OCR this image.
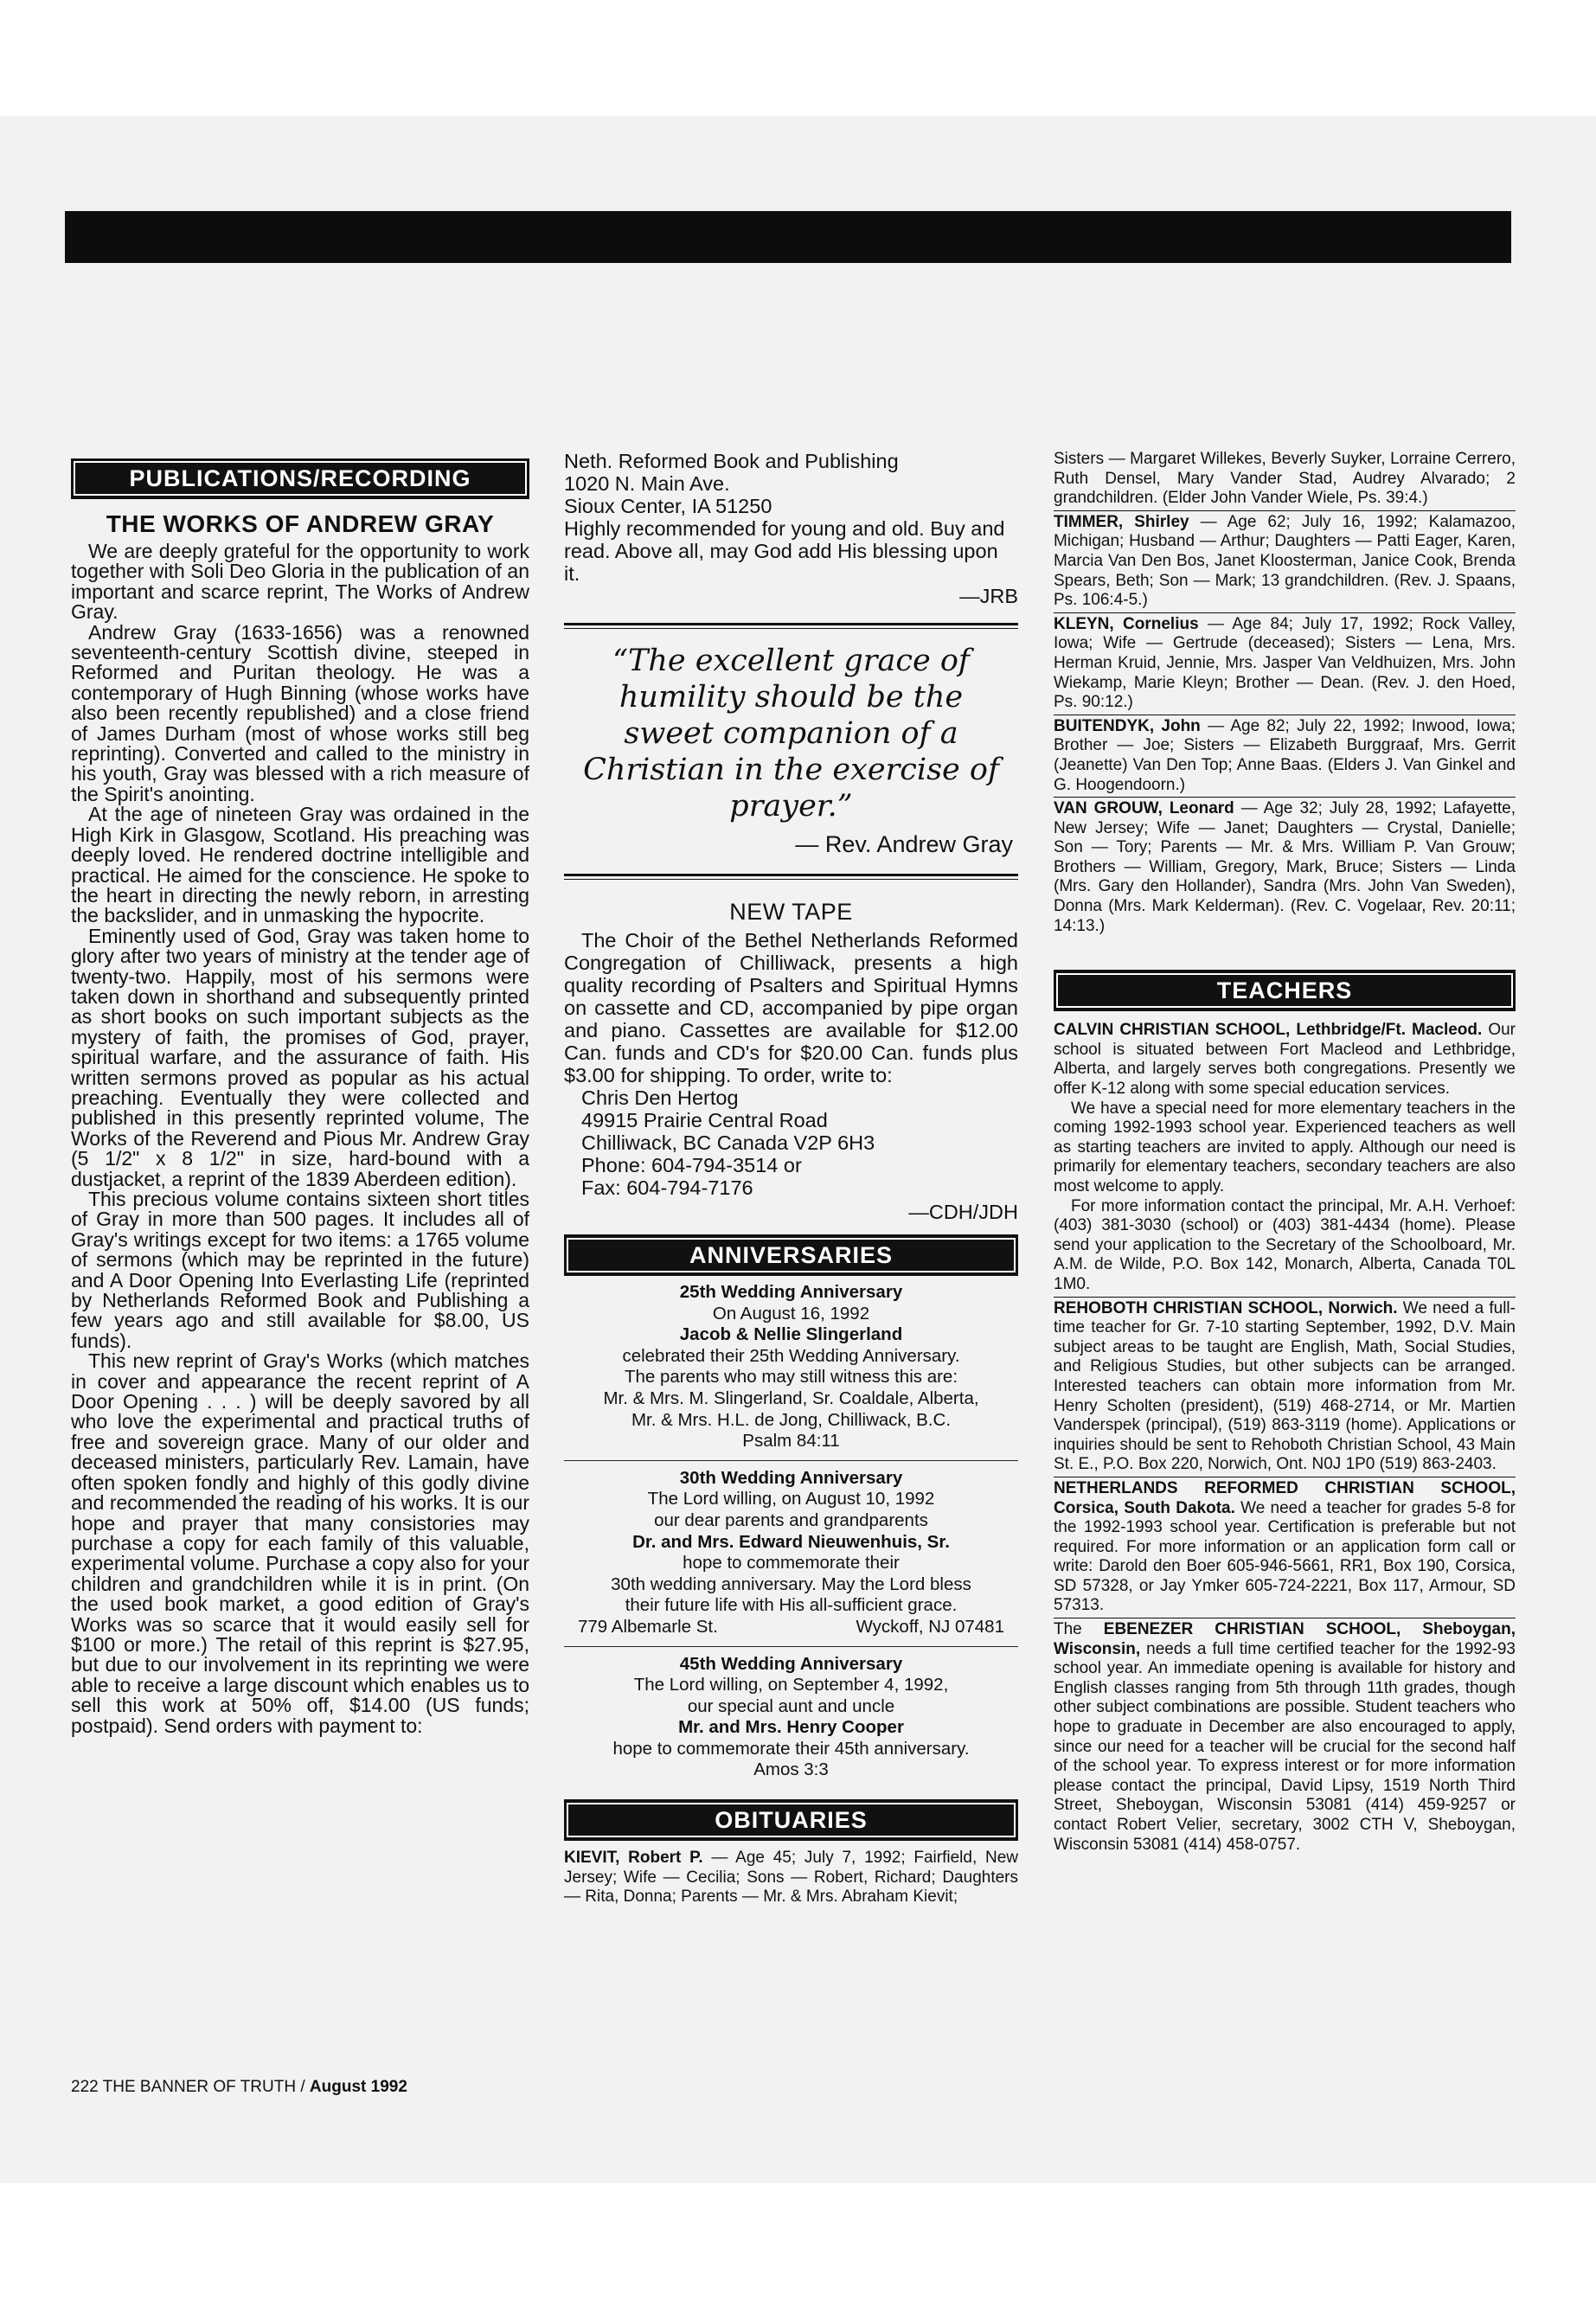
PUBLICATIONS/RECORDING
THE WORKS OF ANDREW GRAY

We are deeply grateful for the opportunity to work together with Soli Deo Gloria in the publication of an important and scarce reprint, The Works of Andrew Gray.

Andrew Gray (1633-1656) was a renowned seventeenth-century Scottish divine, steeped in Reformed and Puritan theology. He was a contemporary of Hugh Binning (whose works have also been recently republished) and a close friend of James Durham (most of whose works still beg reprinting). Converted and called to the ministry in his youth, Gray was blessed with a rich measure of the Spirit's anointing.

At the age of nineteen Gray was ordained in the High Kirk in Glasgow, Scotland. His preaching was deeply loved. He rendered doctrine intelligible and practical. He aimed for the conscience. He spoke to the heart in directing the newly reborn, in arresting the backslider, and in unmasking the hypocrite.

Eminently used of God, Gray was taken home to glory after two years of ministry at the tender age of twenty-two. Happily, most of his sermons were taken down in shorthand and subsequently printed as short books on such important subjects as the mystery of faith, the promises of God, prayer, spiritual warfare, and the assurance of faith. His written sermons proved as popular as his actual preaching. Eventually they were collected and published in this presently reprinted volume, The Works of the Reverend and Pious Mr. Andrew Gray (5 1/2" x 8 1/2" in size, hard-bound with a dustjacket, a reprint of the 1839 Aberdeen edition).

This precious volume contains sixteen short titles of Gray in more than 500 pages. It includes all of Gray's writings except for two items: a 1765 volume of sermons (which may be reprinted in the future) and A Door Opening Into Everlasting Life (reprinted by Netherlands Reformed Book and Publishing a few years ago and still available for $8.00, US funds).

This new reprint of Gray's Works (which matches in cover and appearance the recent reprint of A Door Opening . . . ) will be deeply savored by all who love the experimental and practical truths of free and sovereign grace. Many of our older and deceased ministers, particularly Rev. Lamain, have often spoken fondly and highly of this godly divine and recommended the reading of his works. It is our hope and prayer that many consistories may purchase a copy for each family of this valuable, experimental volume. Purchase a copy also for your children and grandchildren while it is in print. (On the used book market, a good edition of Gray's Works was so scarce that it would easily sell for $100 or more.) The retail of this reprint is $27.95, but due to our involvement in its reprinting we were able to receive a large discount which enables us to sell this work at 50% off, $14.00 (US funds; postpaid). Send orders with payment to:

Neth. Reformed Book and Publishing
1020 N. Main Ave.
Sioux Center, IA 51250

Highly recommended for young and old. Buy and read. Above all, may God add His blessing upon it.

—JRB
“The excellent grace of humility should be the sweet companion of a Christian in the exercise of prayer.”
— Rev. Andrew Gray
NEW TAPE

The Choir of the Bethel Netherlands Reformed Congregation of Chilliwack, presents a high quality recording of Psalters and Spiritual Hymns on cassette and CD, accompanied by pipe organ and piano. Cassettes are available for $12.00 Can. funds and CD's for $20.00 Can. funds plus $3.00 for shipping. To order, write to:

Chris Den Hertog
49915 Prairie Central Road
Chilliwack, BC Canada V2P 6H3
Phone: 604-794-3514 or
Fax: 604-794-7176
—CDH/JDH
ANNIVERSARIES
25th Wedding Anniversary
On August 16, 1992
Jacob & Nellie Slingerland
celebrated their 25th Wedding Anniversary.
The parents who may still witness this are:
Mr. & Mrs. M. Slingerland, Sr. Coaldale, Alberta,
Mr. & Mrs. H.L. de Jong, Chilliwack, B.C.
Psalm 84:11
30th Wedding Anniversary
The Lord willing, on August 10, 1992
our dear parents and grandparents
Dr. and Mrs. Edward Nieuwenhuis, Sr.
hope to commemorate their
30th wedding anniversary. May the Lord bless
their future life with His all-sufficient grace.
779 Albemarle St.	Wyckoff, NJ 07481
45th Wedding Anniversary
The Lord willing, on September 4, 1992,
our special aunt and uncle
Mr. and Mrs. Henry Cooper
hope to commemorate their 45th anniversary.
Amos 3:3
OBITUARIES

KIEVIT, Robert P. — Age 45; July 7, 1992; Fairfield, New Jersey; Wife — Cecilia; Sons — Robert, Richard; Daughters — Rita, Donna; Parents — Mr. & Mrs. Abraham Kievit;

Sisters — Margaret Willekes, Beverly Suyker, Lorraine Cerrero, Ruth Densel, Mary Vander Stad, Audrey Alvarado; 2 grandchildren. (Elder John Vander Wiele, Ps. 39:4.)

TIMMER, Shirley — Age 62; July 16, 1992; Kalamazoo, Michigan; Husband — Arthur; Daughters — Patti Eager, Karen, Marcia Van Den Bos, Janet Kloosterman, Janice Cook, Brenda Spears, Beth; Son — Mark; 13 grandchildren. (Rev. J. Spaans, Ps. 106:4-5.)

KLEYN, Cornelius — Age 84; July 17, 1992; Rock Valley, Iowa; Wife — Gertrude (deceased); Sisters — Lena, Mrs. Herman Kruid, Jennie, Mrs. Jasper Van Veldhuizen, Mrs. John Wiekamp, Marie Kleyn; Brother — Dean. (Rev. J. den Hoed, Ps. 90:12.)

BUITENDYK, John — Age 82; July 22, 1992; Inwood, Iowa; Brother — Joe; Sisters — Elizabeth Burggraaf, Mrs. Gerrit (Jeanette) Van Den Top; Anne Baas. (Elders J. Van Ginkel and G. Hoogendoorn.)

VAN GROUW, Leonard — Age 32; July 28, 1992; Lafayette, New Jersey; Wife — Janet; Daughters — Crystal, Danielle; Son — Tory; Parents — Mr. & Mrs. William P. Van Grouw; Brothers — William, Gregory, Mark, Bruce; Sisters — Linda (Mrs. Gary den Hollander), Sandra (Mrs. John Van Sweden), Donna (Mrs. Mark Kelderman). (Rev. C. Vogelaar, Rev. 20:11; 14:13.)

TEACHERS

CALVIN CHRISTIAN SCHOOL, Lethbridge/Ft. Macleod. Our school is situated between Fort Macleod and Lethbridge, Alberta, and largely serves both congregations. Presently we offer K-12 along with some special education services.

We have a special need for more elementary teachers in the coming 1992-1993 school year. Experienced teachers as well as starting teachers are invited to apply. Although our need is primarily for elementary teachers, secondary teachers are also most welcome to apply.

For more information contact the principal, Mr. A.H. Verhoef: (403) 381-3030 (school) or (403) 381-4434 (home). Please send your application to the Secretary of the Schoolboard, Mr. A.M. de Wilde, P.O. Box 142, Monarch, Alberta, Canada T0L 1M0.

REHOBOTH CHRISTIAN SCHOOL, Norwich. We need a full-time teacher for Gr. 7-10 starting September, 1992, D.V. Main subject areas to be taught are English, Math, Social Studies, and Religious Studies, but other subjects can be arranged. Interested teachers can obtain more information from Mr. Henry Scholten (president), (519) 468-2714, or Mr. Martien Vanderspek (principal), (519) 863-3119 (home). Applications or inquiries should be sent to Rehoboth Christian School, 43 Main St. E., P.O. Box 220, Norwich, Ont. N0J 1P0 (519) 863-2403.

NETHERLANDS REFORMED CHRISTIAN SCHOOL, Corsica, South Dakota. We need a teacher for grades 5-8 for the 1992-1993 school year. Certification is preferable but not required. For more information or an application form call or write: Darold den Boer 605-946-5661, RR1, Box 190, Corsica, SD 57328, or Jay Ymker 605-724-2221, Box 117, Armour, SD 57313.

The EBENEZER CHRISTIAN SCHOOL, Sheboygan, Wisconsin, needs a full time certified teacher for the 1992-93 school year. An immediate opening is available for history and English classes ranging from 5th through 11th grades, though other subject combinations are possible. Student teachers who hope to graduate in December are also encouraged to apply, since our need for a teacher will be crucial for the second half of the school year. To express interest or for more information please contact the principal, David Lipsy, 1519 North Third Street, Sheboygan, Wisconsin 53081 (414) 459-9257 or contact Robert Velier, secretary, 3002 CTH V, Sheboygan, Wisconsin 53081 (414) 458-0757.

222 THE BANNER OF TRUTH / August 1992
